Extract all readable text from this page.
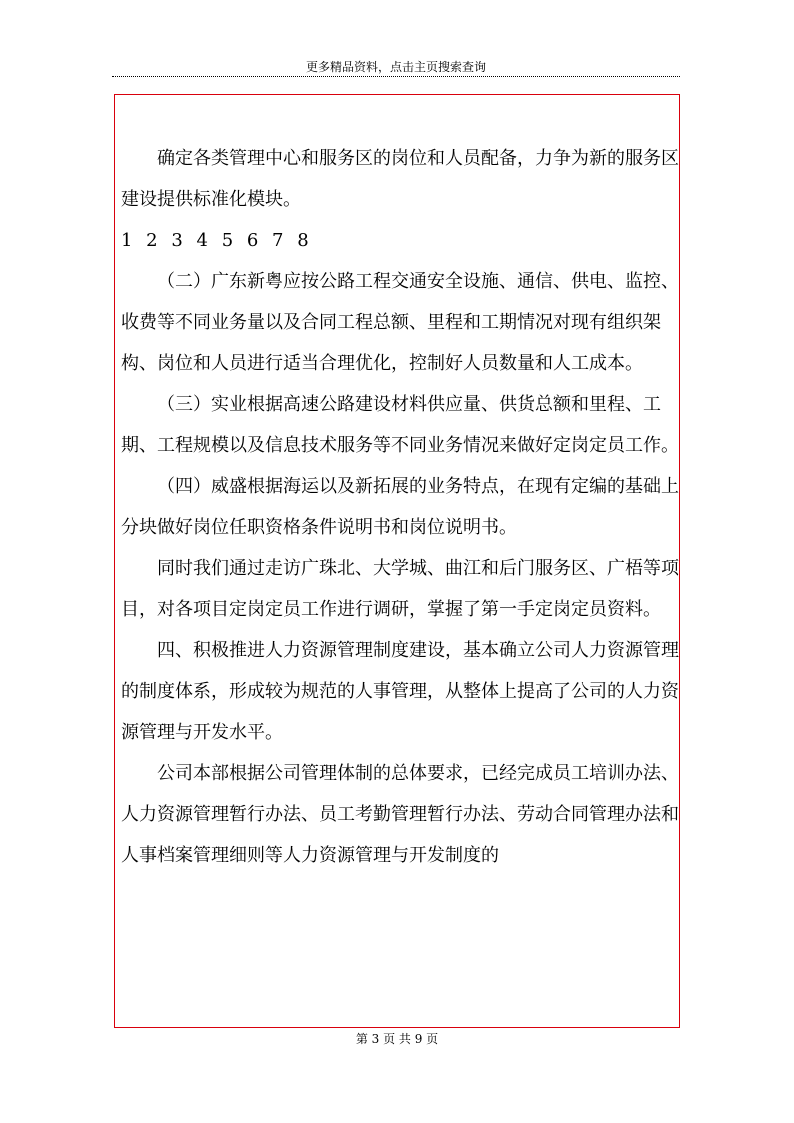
更多精品资料，点击主页搜索查询

确定各类管理中心和服务区的岗位和人员配备，力争为新的服务区建设提供标准化模块。

1 2 3 4 5 6 7 8

（二）广东新粤应按公路工程交通安全设施、通信、供电、监控、收费等不同业务量以及合同工程总额、里程和工期情况对现有组织架构、岗位和人员进行适当合理优化，控制好人员数量和人工成本。

（三）实业根据高速公路建设材料供应量、供货总额和里程、工期、工程规模以及信息技术服务等不同业务情况来做好定岗定员工作。

（四）威盛根据海运以及新拓展的业务特点，在现有定编的基础上分块做好岗位任职资格条件说明书和岗位说明书。

同时我们通过走访广珠北、大学城、曲江和后门服务区、广梧等项目，对各项目定岗定员工作进行调研，掌握了第一手定岗定员资料。

四、积极推进人力资源管理制度建设，基本确立公司人力资源管理的制度体系，形成较为规范的人事管理，从整体上提高了公司的人力资源管理与开发水平。

公司本部根据公司管理体制的总体要求，已经完成员工培训办法、人力资源管理暂行办法、员工考勤管理暂行办法、劳动合同管理办法和人事档案管理细则等人力资源管理与开发制度的

第 3 页 共 9 页
